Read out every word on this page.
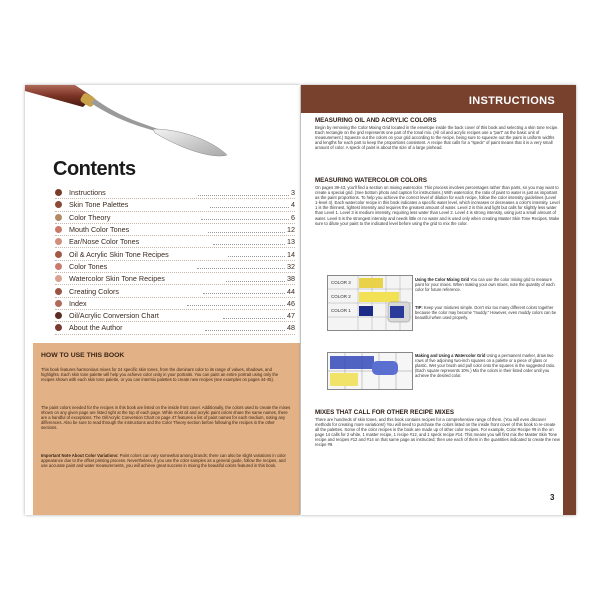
Contents
Instructions	3
Skin Tone Palettes	4
Color Theory	6
Mouth Color Tones	12
Ear/Nose Color Tones	13
Oil & Acrylic Skin Tone Recipes	14
Color Tones	32
Watercolor Skin Tone Recipes	38
Creating Colors	44
Index	46
Oil/Acrylic Conversion Chart	47
About the Author	48
HOW TO USE THIS BOOK

This book features harmonious mixes for 24 specific skin tones, from the dominant color to its range of values, shadows, and highlights. Each skin tone palette will help you achieve color unity in your portraits. You can paint an entire portrait using only the recipes shown with each skin tone palette, or you can intermix palettes to create new recipes (see examples on pages 44-45).

The paint colors needed for the recipes in this book are listed on the inside front cover. Additionally, the colors used to create the mixes shown on any given page are listed right at the top of each page. While most oil and acrylic paint colors share the same names, there are a handful of exceptions. The Oil/Acrylic Conversion Chart on page 47 features a list of paint names for each medium, noting any differences. Also be sure to read through the instructions and the Color Theory section before following the recipes in the other sections.

Important Note About Color Variations: Paint colors can vary somewhat among brands; there can also be slight variations in color appearance due to the offset printing process. Nevertheless, if you use the color samples as a general guide, follow the recipes, and use accurate paint and water measurements, you will achieve great success in mixing the beautiful colors featured in this book.

INSTRUCTIONS
MEASURING OIL AND ACRYLIC COLORS

Begin by removing the Color Mixing Grid located in the envelope inside the back cover of this book and selecting a skin tone recipe. Each rectangle on the grid represents one part of the tonal mix. (All oil and acrylic recipes use a "part" as the basic unit of measurement.) Squeeze out the colors on your grid according to the recipe, being sure to squeeze out the paint in uniform widths and lengths for each part to keep the proportions consistent. A recipe that calls for a "speck" of paint means that it is a very small amount of color. A speck of paint is about the size of a large pinhead.

MEASURING WATERCOLOR COLORS

On pages 39-43, you'll find a section on mixing watercolor. This process involves percentages rather than parts, so you may want to create a special grid. (See bottom photo and caption for instructions.) With watercolor, the ratio of paint to water is just as important as the paint proportions. To help you achieve the correct level of dilution for each recipe, follow the color intensity guidelines (Level 1-level 4). Each watercolor recipe in this book indicates a specific water level, which increases or decreases a color's intensity. Level 1 is the thinnest, lightest intensity and requires the greatest amount of water. Level 2 is thin and light but calls for slightly less water than Level 1. Level 3 is medium intensity, requiring less water than Level 2. Level 4 is strong intensity, using just a small amount of water. Level 5 is the strongest intensity and needs little or no water and is used only when creating Master Skin Tone Recipes. Make sure to dilute your paint to the indicated level before using the grid to mix the color.

COLOR 3
COLOR 2
COLOR 1

Using the Color Mixing Grid You can use the color mixing grid to measure paint for your mixes. When making your own mixes, note the quantity of each color for future reference.

TIP: Keep your mixtures simple. Don't mix too many different colors together because the color may become "muddy." However, even muddy colors can be beautiful when used properly.

Making and Using a Watercolor Grid Using a permanent marker, draw two rows of five adjoining two-inch squares on a palette or a piece of glass or plastic. Wet your brush and pull color onto the squares in the suggested ratio. (Each square represents 10%.) Mix the colors in their listed order until you achieve the desired color.

MIXES THAT CALL FOR OTHER RECIPE MIXES

There are hundreds of skin tones, and this book contains recipes for a comprehensive range of them. (You will even discover methods for creating more variations!) You will need to purchase the colors listed on the inside front cover of this book to re-create all the palettes. Some of the color recipes in the book are made up of other color recipes. For example, Color Recipe #9 in the on page 14 calls for 2 white, 1 master recipe, 1 recipe #12, and 1 speck recipe #14. This means you will first mix the Master Skin Tone recipe and recipes #12 and #14 on that same page as instructed; then use each of them in the quantities indicated to create the new recipe #9.

3
